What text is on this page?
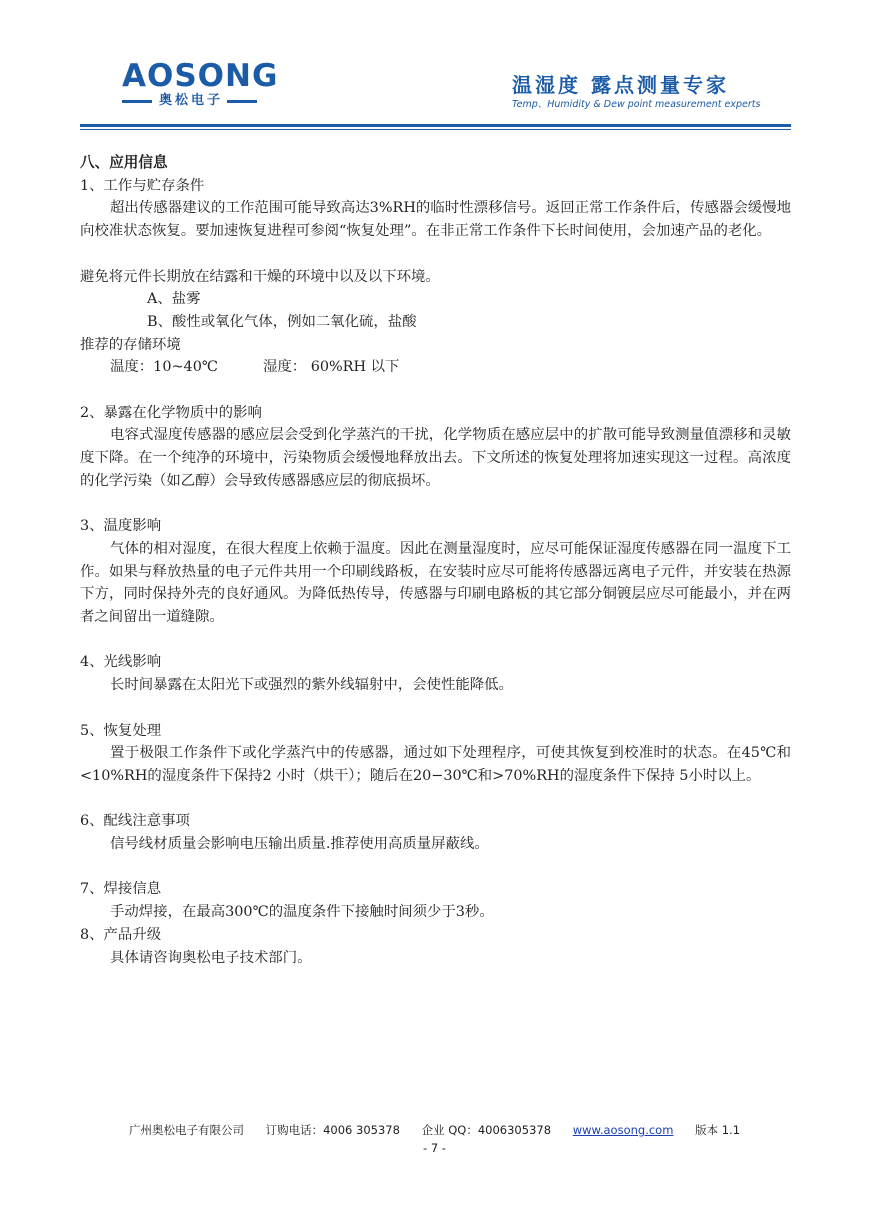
AOSONG
奥松电子
温湿度 露点测量专家
Temp、Humidity & Dew point measurement experts

八、应用信息

1、工作与贮存条件

超出传感器建议的工作范围可能导致高达3%RH的临时性漂移信号。返回正常工作条件后，传感器会缓慢地向校准状态恢复。要加速恢复进程可参阅“恢复处理”。在非正常工作条件下长时间使用，会加速产品的老化。

避免将元件长期放在结露和干燥的环境中以及以下环境。

A、盐雾

B、酸性或氧化气体，例如二氧化硫，盐酸

推荐的存储环境

温度：10~40℃	湿度： 60%RH 以下

2、暴露在化学物质中的影响

电容式湿度传感器的感应层会受到化学蒸汽的干扰，化学物质在感应层中的扩散可能导致测量值漂移和灵敏度下降。在一个纯净的环境中，污染物质会缓慢地释放出去。下文所述的恢复处理将加速实现这一过程。高浓度的化学污染（如乙醇）会导致传感器感应层的彻底损坏。

3、温度影响

气体的相对湿度，在很大程度上依赖于温度。因此在测量湿度时，应尽可能保证湿度传感器在同一温度下工作。如果与释放热量的电子元件共用一个印刷线路板，在安装时应尽可能将传感器远离电子元件，并安装在热源下方，同时保持外壳的良好通风。为降低热传导，传感器与印刷电路板的其它部分铜镀层应尽可能最小，并在两者之间留出一道缝隙。

4、光线影响

长时间暴露在太阳光下或强烈的紫外线辐射中，会使性能降低。

5、恢复处理

置于极限工作条件下或化学蒸汽中的传感器，通过如下处理程序，可使其恢复到校准时的状态。在45℃和<10%RH的湿度条件下保持2 小时（烘干）；随后在20−30℃和>70%RH的湿度条件下保持 5小时以上。

6、配线注意事项

信号线材质量会影响电压输出质量.推荐使用高质量屏蔽线。

7、焊接信息

手动焊接，在最高300℃的温度条件下接触时间须少于3秒。

8、产品升级

具体请咨询奥松电子技术部门。

广州奥松电子有限公司 订购电话：4006 305378 企业 QQ：4006305378 www.aosong.com 版本 1.1
- 7 -
